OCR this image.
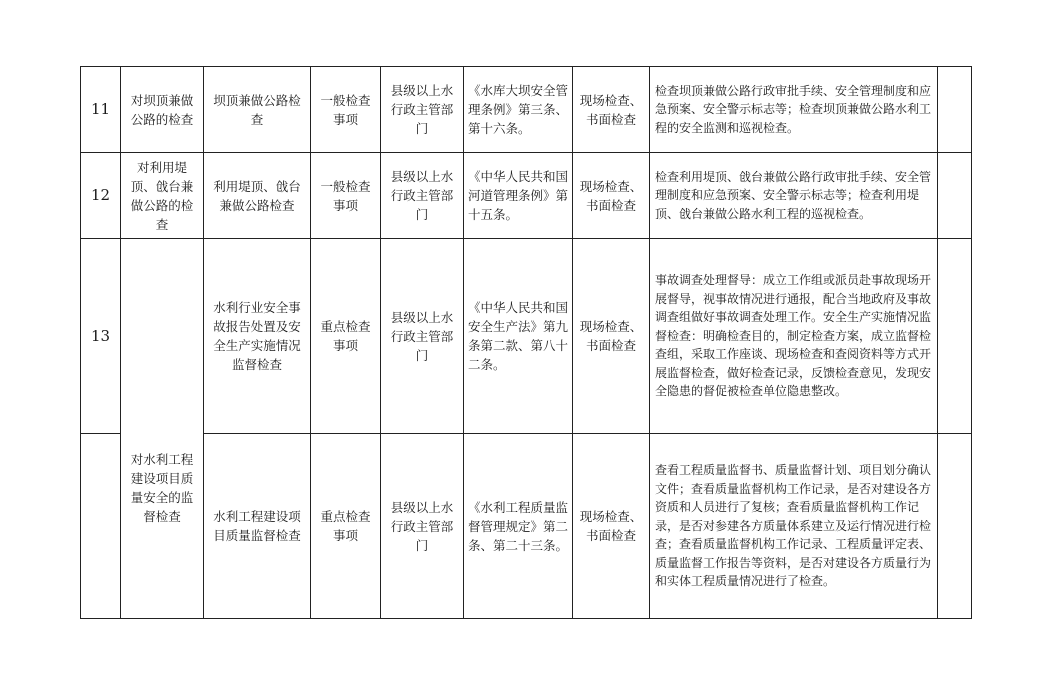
11	对坝顶兼做公路的检查	坝顶兼做公路检查	一般检查事项	县级以上水行政主管部门	《水库大坝安全管理条例》第三条、第十六条。	现场检查、书面检查	检查坝顶兼做公路行政审批手续、安全管理制度和应急预案、安全警示标志等；检查坝顶兼做公路水利工程的安全监测和巡视检查。	
12	对利用堤顶、戗台兼做公路的检查	利用堤顶、戗台兼做公路检查	一般检查事项	县级以上水行政主管部门	《中华人民共和国河道管理条例》第十五条。	现场检查、书面检查	检查利用堤顶、戗台兼做公路行政审批手续、安全管理制度和应急预案、安全警示标志等；检查利用堤顶、戗台兼做公路水利工程的巡视检查。	
13	对水利工程建设项目质量安全的监督检查	水利行业安全事故报告处置及安全生产实施情况监督检查	重点检查事项	县级以上水行政主管部门	《中华人民共和国安全生产法》第九条第二款、第八十二条。	现场检查、书面检查	事故调查处理督导：成立工作组或派员赴事故现场开展督导，视事故情况进行通报，配合当地政府及事故调查组做好事故调查处理工作。安全生产实施情况监督检查：明确检查目的，制定检查方案，成立监督检查组，采取工作座谈、现场检查和查阅资料等方式开展监督检查，做好检查记录，反馈检查意见，发现安全隐患的督促被检查单位隐患整改。	
		水利工程建设项目质量监督检查	重点检查事项	县级以上水行政主管部门	《水利工程质量监督管理规定》第二条、第二十三条。	现场检查、书面检查	查看工程质量监督书、质量监督计划、项目划分确认文件；查看质量监督机构工作记录，是否对建设各方资质和人员进行了复核；查看质量监督机构工作记录，是否对参建各方质量体系建立及运行情况进行检查；查看质量监督机构工作记录、工程质量评定表、质量监督工作报告等资料，是否对建设各方质量行为和实体工程质量情况进行了检查。	
